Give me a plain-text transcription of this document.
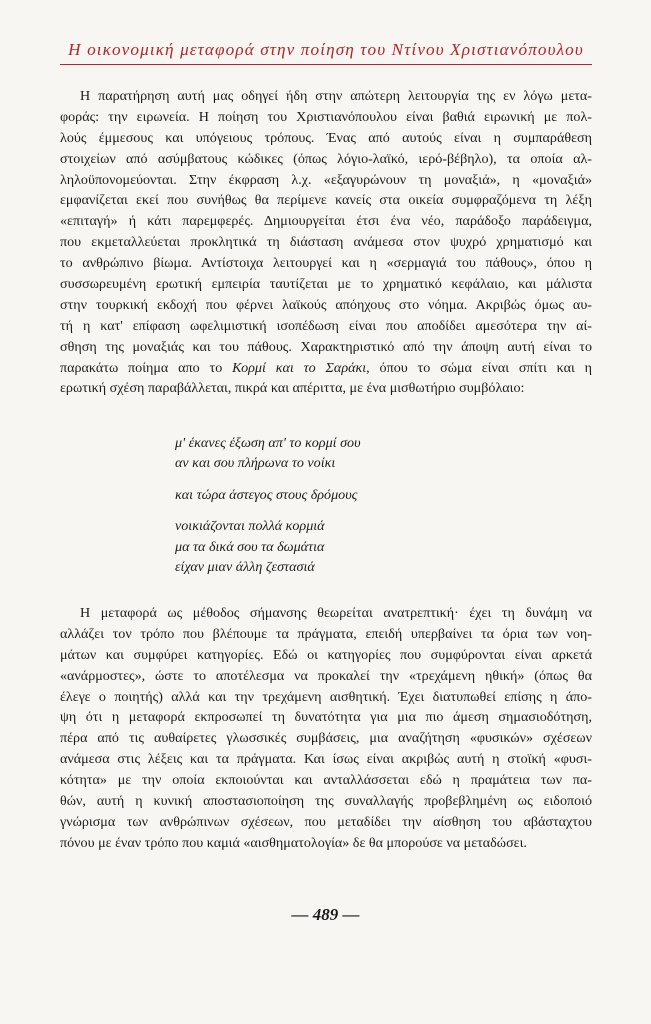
Η οικονομική μεταφορά στην ποίηση του Ντίνου Χριστιανόπουλου
Η παρατήρηση αυτή μας οδηγεί ήδη στην απώτερη λειτουργία της εν λόγω μετα-
φοράς: την ειρωνεία. Η ποίηση του Χριστιανόπουλου είναι βαθιά ειρωνική με πολ-
λούς έμμεσους και υπόγειους τρόπους. Ένας από αυτούς είναι η συμπαράθεση
στοιχείων από ασύμβατους κώδικες (όπως λόγιο-λαϊκό, ιερό-βέβηλο), τα οποία αλ-
ληλοϋπονομεύονται. Στην έκφραση λ.χ. «εξαγυρώνουν τη μοναξιά», η «μοναξιά»
εμφανίζεται εκεί που συνήθως θα περίμενε κανείς στα οικεία συμφραζόμενα τη λέξη
«επιταγή» ή κάτι παρεμφερές. Δημιουργείται έτσι ένα νέο, παράδοξο παράδειγμα,
που εκμεταλλεύεται προκλητικά τη διάσταση ανάμεσα στον ψυχρό χρηματισμό και
το ανθρώπινο βίωμα. Αντίστοιχα λειτουργεί και η «σερμαγιά του πάθους», όπου η
συσσωρευμένη ερωτική εμπειρία ταυτίζεται με το χρηματικό κεφάλαιο, και μάλιστα
στην τουρκική εκδοχή που φέρνει λαϊκούς απόηχους στο νόημα. Ακριβώς όμως αυ-
τή η κατ' επίφαση ωφελιμιστική ισοπέδωση είναι που αποδίδει αμεσότερα την αί-
σθηση της μοναξιάς και του πάθους. Χαρακτηριστικό από την άποψη αυτή είναι το
παρακάτω ποίημα απο το Κορμί και το Σαράκι, όπου το σώμα είναι σπίτι και η
ερωτική σχέση παραβάλλεται, πικρά και απέριττα, με ένα μισθωτήριο συμβόλαιο:
μ' έκανες έξωση απ' το κορμί σου
αν και σου πλήρωνα το νοίκι
και τώρα άστεγος στους δρόμους
νοικιάζονται πολλά κορμιά
μα τα δικά σου τα δωμάτια
είχαν μιαν άλλη ζεστασιά
Η μεταφορά ως μέθοδος σήμανσης θεωρείται ανατρεπτική· έχει τη δυνάμη να
αλλάζει τον τρόπο που βλέπουμε τα πράγματα, επειδή υπερβαίνει τα όρια των νοη-
μάτων και συμφύρει κατηγορίες. Εδώ οι κατηγορίες που συμφύρονται είναι αρκετά
«ανάρμοστες», ώστε το αποτέλεσμα να προκαλεί την «τρεχάμενη ηθική» (όπως θα
έλεγε ο ποιητής) αλλά και την τρεχάμενη αισθητική. Έχει διατυπωθεί επίσης η άπο-
ψη ότι η μεταφορά εκπροσωπεί τη δυνατότητα για μια πιο άμεση σημασιοδότηση,
πέρα από τις αυθαίρετες γλωσσικές συμβάσεις, μια αναζήτηση «φυσικών» σχέσεων
ανάμεσα στις λέξεις και τα πράγματα. Και ίσως είναι ακριβώς αυτή η στοϊκή «φυσι-
κότητα» με την οποία εκποιούνται και ανταλλάσσεται εδώ η πραμάτεια των πα-
θών, αυτή η κυνική αποστασιοποίηση της συναλλαγής προβεβλημένη ως ειδοποιό
γνώρισμα των ανθρώπινων σχέσεων, που μεταδίδει την αίσθηση του αβάσταχτου
πόνου με έναν τρόπο που καμιά «αισθηματολογία» δε θα μπορούσε να μεταδώσει.
— 489 —
